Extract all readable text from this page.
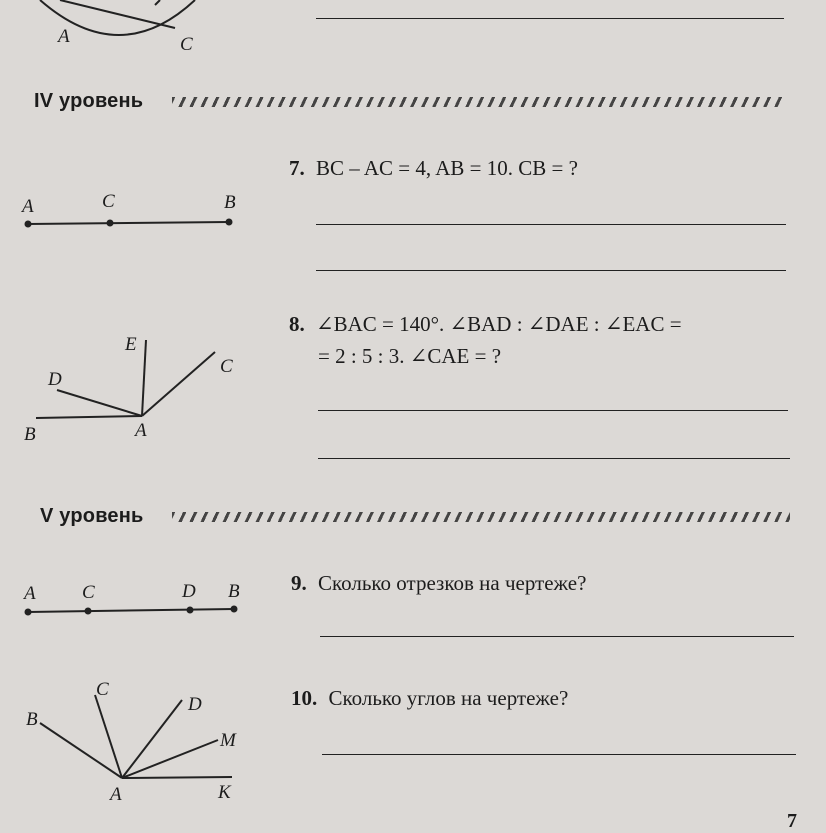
A	C
A	C	B
E
C
D
B	A
A C	D B
C
D
B
M
A	K
IV уровень
7. BC – AC = 4, AB = 10. CB = ?
8. ∠BAC = 140°. ∠BAD : ∠DAE : ∠EAC =
= 2 : 5 : 3. ∠CAE = ?
V уровень
9. Сколько отрезков на чертеже?
10. Сколько углов на чертеже?
7
